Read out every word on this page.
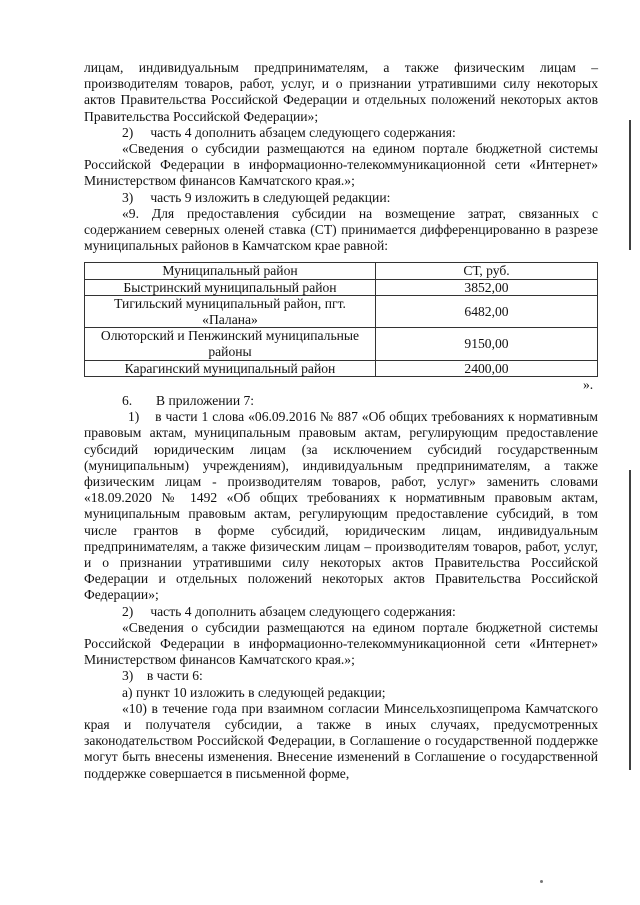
лицам, индивидуальным предпринимателям, а также физическим лицам – производителям товаров, работ, услуг, и о признании утратившими силу некоторых актов Правительства Российской Федерации и отдельных положений некоторых актов Правительства Российской Федерации»;

2)     часть 4 дополнить абзацем следующего содержания:

«Сведения о субсидии размещаются на едином портале бюджетной системы Российской Федерации в информационно-телекоммуникационной сети «Интернет» Министерством финансов Камчатского края.»;

3)     часть 9 изложить в следующей редакции:

«9. Для предоставления субсидии на возмещение затрат, связанных с содержанием северных оленей ставка (СТ) принимается дифференцированно в разрезе муниципальных районов в Камчатском крае равной:

Муниципальный район	СТ, руб.
Быстринский муниципальный район	3852,00
Тигильский муниципальный район, пгт. «Палана»	6482,00
Олюторский и Пенжинский муниципальные районы	9150,00
Карагинский муниципальный район	2400,00
».

6.       В приложении 7:

1)    в части 1 слова «06.09.2016 № 887 «Об общих требованиях к нормативным правовым актам, муниципальным правовым актам, регулирующим предоставление субсидий юридическим лицам (за исключением субсидий государственным (муниципальным) учреждениям), индивидуальным предпринимателям, а также физическим лицам - производителям товаров, работ, услуг» заменить словами «18.09.2020 № 1492 «Об общих требованиях к нормативным правовым актам, муниципальным правовым актам, регулирующим предоставление субсидий, в том числе грантов в форме субсидий, юридическим лицам, индивидуальным предпринимателям, а также физическим лицам – производителям товаров, работ, услуг, и о признании утратившими силу некоторых актов Правительства Российской Федерации и отдельных положений некоторых актов Правительства Российской Федерации»;

2)     часть 4 дополнить абзацем следующего содержания:

«Сведения о субсидии размещаются на едином портале бюджетной системы Российской Федерации в информационно-телекоммуникационной сети «Интернет» Министерством финансов Камчатского края.»;

3)    в части 6:

а) пункт 10 изложить в следующей редакции;

«10) в течение года при взаимном согласии Минсельхозпищепрома Камчатского края и получателя субсидии, а также в иных случаях, предусмотренных законодательством Российской Федерации, в Соглашение о государственной поддержке могут быть внесены изменения. Внесение изменений в Соглашение о государственной поддержке совершается в письменной форме,
